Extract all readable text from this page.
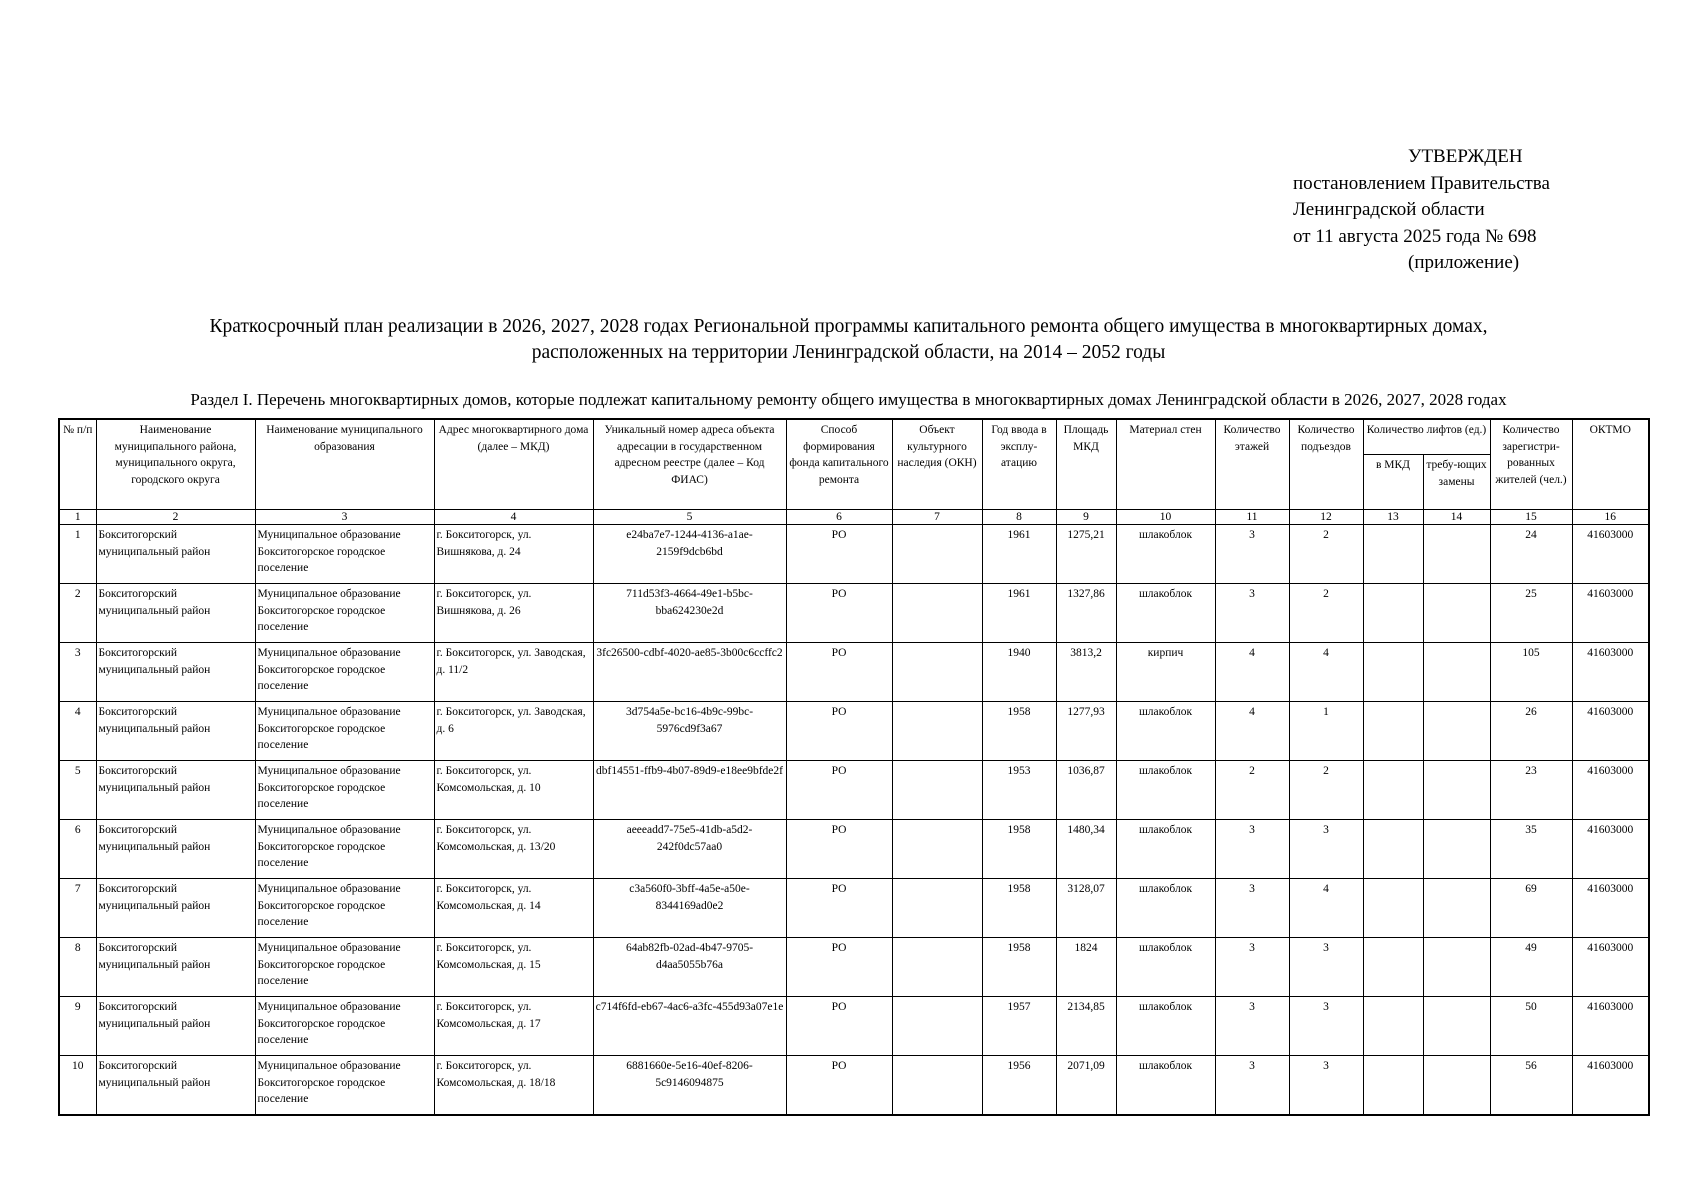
УТВЕРЖДЕН
постановлением Правительства
Ленинградской области
от 11 августа 2025 года № 698
(приложение)
Краткосрочный план реализации в 2026, 2027, 2028 годах Региональной программы капитального ремонта общего имущества в многоквартирных домах,
расположенных на территории Ленинградской области, на 2014 – 2052 годы
Раздел I. Перечень многоквартирных домов, которые подлежат капитальному ремонту общего имущества в многоквартирных домах Ленинградской области в 2026, 2027, 2028 годах
№ п/п	Наименование муниципального района, муниципального округа, городского округа	Наименование муниципального образования	Адрес многоквартирного дома (далее – МКД)	Уникальный номер адреса объекта адресации в государственном адресном реестре (далее – Код ФИАС)	Способ формирования фонда капитального ремонта	Объект культурного наследия (ОКН)	Год ввода в эксплу-атацию	Площадь МКД	Материал стен	Количество этажей	Количество подъездов	Количество лифтов (ед.)		Количество зарегистри-рованных жителей (чел.)	ОКТМО
												в МКД	требу-ющих замены		
1	2	3	4	5	6	7	8	9	10	11	12	13	14	15	16
1	Бокситогорский муниципальный район	Муниципальное образование Бокситогорское городское поселение	г. Бокситогорск, ул. Вишнякова, д. 24	e24ba7e7-1244-4136-a1ae-2159f9dcb6bd	РО		1961	1275,21	шлакоблок	3	2			24	41603000
2	Бокситогорский муниципальный район	Муниципальное образование Бокситогорское городское поселение	г. Бокситогорск, ул. Вишнякова, д. 26	711d53f3-4664-49e1-b5bc-bba624230e2d	РО		1961	1327,86	шлакоблок	3	2			25	41603000
3	Бокситогорский муниципальный район	Муниципальное образование Бокситогорское городское поселение	г. Бокситогорск, ул. Заводская, д. 11/2	3fc26500-cdbf-4020-ae85-3b00c6ccffc2	РО		1940	3813,2	кирпич	4	4			105	41603000
4	Бокситогорский муниципальный район	Муниципальное образование Бокситогорское городское поселение	г. Бокситогорск, ул. Заводская, д. 6	3d754a5e-bc16-4b9c-99bc-5976cd9f3a67	РО		1958	1277,93	шлакоблок	4	1			26	41603000
5	Бокситогорский муниципальный район	Муниципальное образование Бокситогорское городское поселение	г. Бокситогорск, ул. Комсомольская, д. 10	dbf14551-ffb9-4b07-89d9-e18ee9bfde2f	РО		1953	1036,87	шлакоблок	2	2			23	41603000
6	Бокситогорский муниципальный район	Муниципальное образование Бокситогорское городское поселение	г. Бокситогорск, ул. Комсомольская, д. 13/20	aeeeadd7-75e5-41db-a5d2-242f0dc57aa0	РО		1958	1480,34	шлакоблок	3	3			35	41603000
7	Бокситогорский муниципальный район	Муниципальное образование Бокситогорское городское поселение	г. Бокситогорск, ул. Комсомольская, д. 14	c3a560f0-3bff-4a5e-a50e-8344169ad0e2	РО		1958	3128,07	шлакоблок	3	4			69	41603000
8	Бокситогорский муниципальный район	Муниципальное образование Бокситогорское городское поселение	г. Бокситогорск, ул. Комсомольская, д. 15	64ab82fb-02ad-4b47-9705-d4aa5055b76a	РО		1958	1824	шлакоблок	3	3			49	41603000
9	Бокситогорский муниципальный район	Муниципальное образование Бокситогорское городское поселение	г. Бокситогорск, ул. Комсомольская, д. 17	c714f6fd-eb67-4ac6-a3fc-455d93a07e1e	РО		1957	2134,85	шлакоблок	3	3			50	41603000
10	Бокситогорский муниципальный район	Муниципальное образование Бокситогорское городское поселение	г. Бокситогорск, ул. Комсомольская, д. 18/18	6881660e-5e16-40ef-8206-5c9146094875	РО		1956	2071,09	шлакоблок	3	3			56	41603000
